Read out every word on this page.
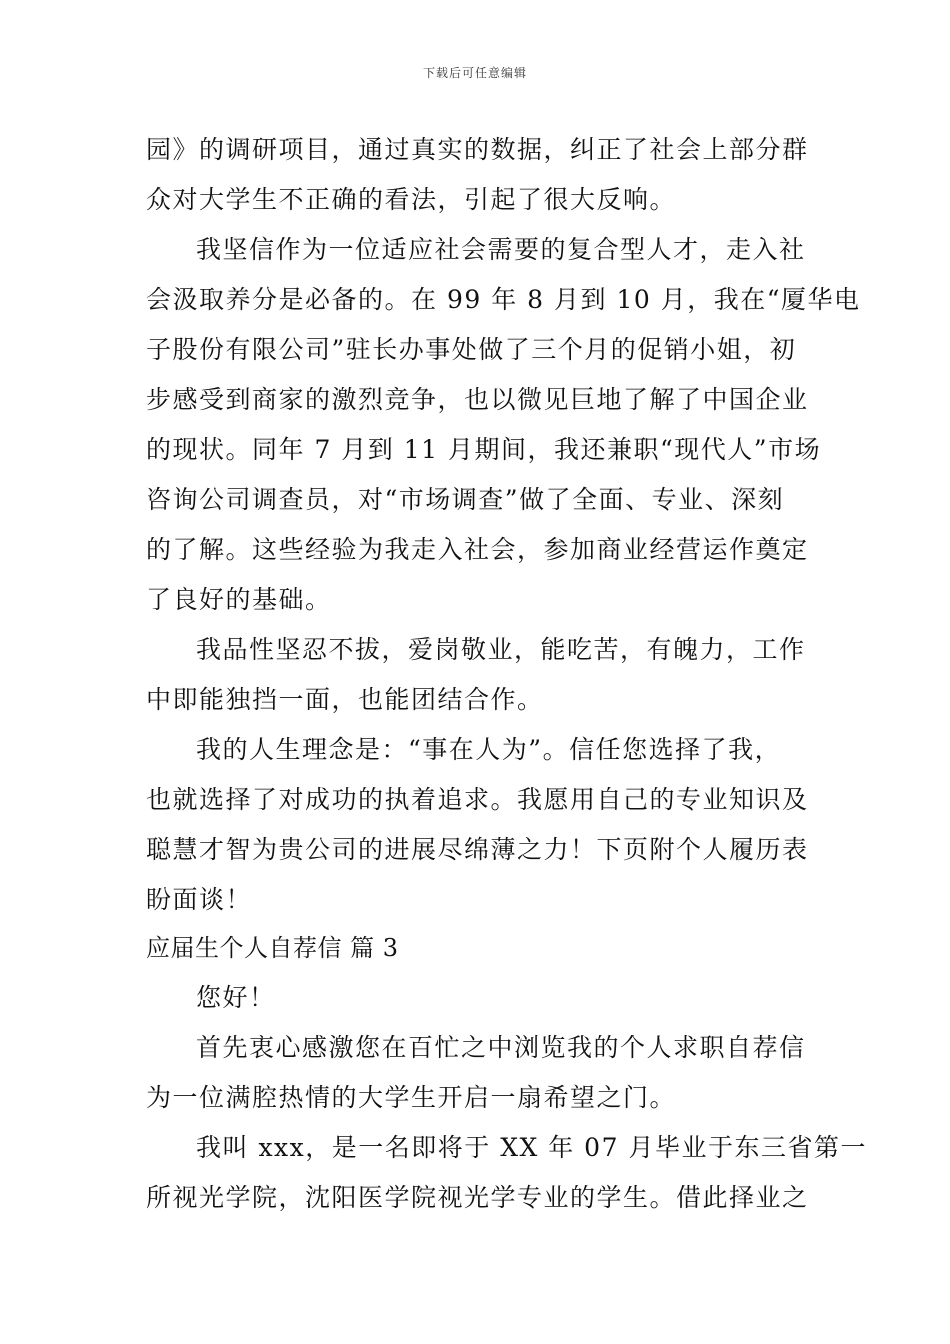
下载后可任意编辑
园》的调研项目，通过真实的数据，纠正了社会上部分群
众对大学生不正确的看法，引起了很大反响。
我坚信作为一位适应社会需要的复合型人才，走入社
会汲取养分是必备的。在 99 年 8 月到 10 月，我在“厦华电
子股份有限公司”驻长办事处做了三个月的促销小姐，初
步感受到商家的激烈竞争，也以微见巨地了解了中国企业
的现状。同年 7 月到 11 月期间，我还兼职“现代人”市场
咨询公司调查员，对“市场调查”做了全面、专业、深刻
的了解。这些经验为我走入社会，参加商业经营运作奠定
了良好的基础。
我品性坚忍不拔，爱岗敬业，能吃苦，有魄力，工作
中即能独挡一面，也能团结合作。
我的人生理念是：“事在人为”。信任您选择了我，
也就选择了对成功的执着追求。我愿用自己的专业知识及
聪慧才智为贵公司的进展尽绵薄之力！下页附个人履历表
盼面谈！
应届生个人自荐信 篇 3
您好！
首先衷心感激您在百忙之中浏览我的个人求职自荐信
为一位满腔热情的大学生开启一扇希望之门。
我叫 xxx，是一名即将于 XX 年 07 月毕业于东三省第一
所视光学院，沈阳医学院视光学专业的学生。借此择业之
